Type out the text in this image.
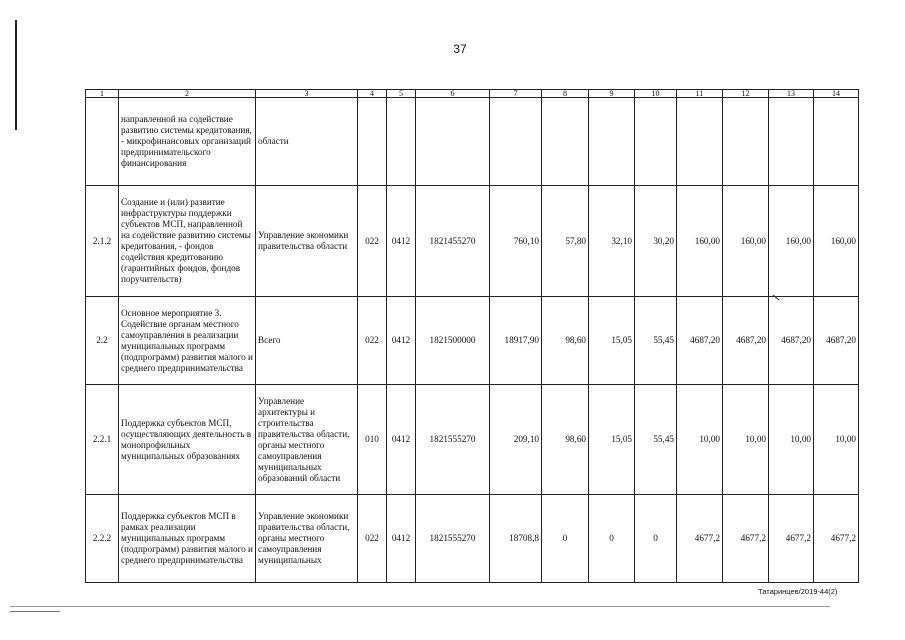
37
1	2	3	4	5	6	7	8	9	10	11	12	13	14
	направленной на содействие развитию системы кредитования, - микрофинансовых организаций предпринимательского финансирования	области											
2.1.2	Создание и (или) развитие инфраструктуры поддержки субъектов МСП, направленной на содействие развитию системы кредитования, - фондов содействия кредитованию (гарантийных фондов, фондов поручительств)	Управление экономики правительства области	022	0412	1821455270	760,10	57,80	32,10	30,20	160,00	160,00	160,00	160,00
2.2	Основное мероприятие 3. Содействие органам местного самоуправления в реализации муниципальных программ (подпрограмм) развития малого и среднего предпринимательства	Всего	022	0412	1821500000	18917,90	98,60	15,05	55,45	4687,20	4687,20	4687,20	4687,20
2.2.1	Поддержка субъектов МСП, осуществляющих деятельность в монопрофильных муниципальных образованиях	Управление архитектуры и строительства правительства области, органы местного самоуправления муниципальных образований области	010	0412	1821555270	209,10	98,60	15,05	55,45	10,00	10,00	10,00	10,00
2.2.2	Поддержка субъектов МСП в рамках реализации муниципальных программ (подпрограмм) развития малого и среднего предпринимательства	Управление экономики правительства области, органы местного самоуправления муниципальных	022	0412	1821555270	18708,8	0	0	0	4677,2	4677,2	4677,2	4677,2
Татаринцев/2019-44(2)
